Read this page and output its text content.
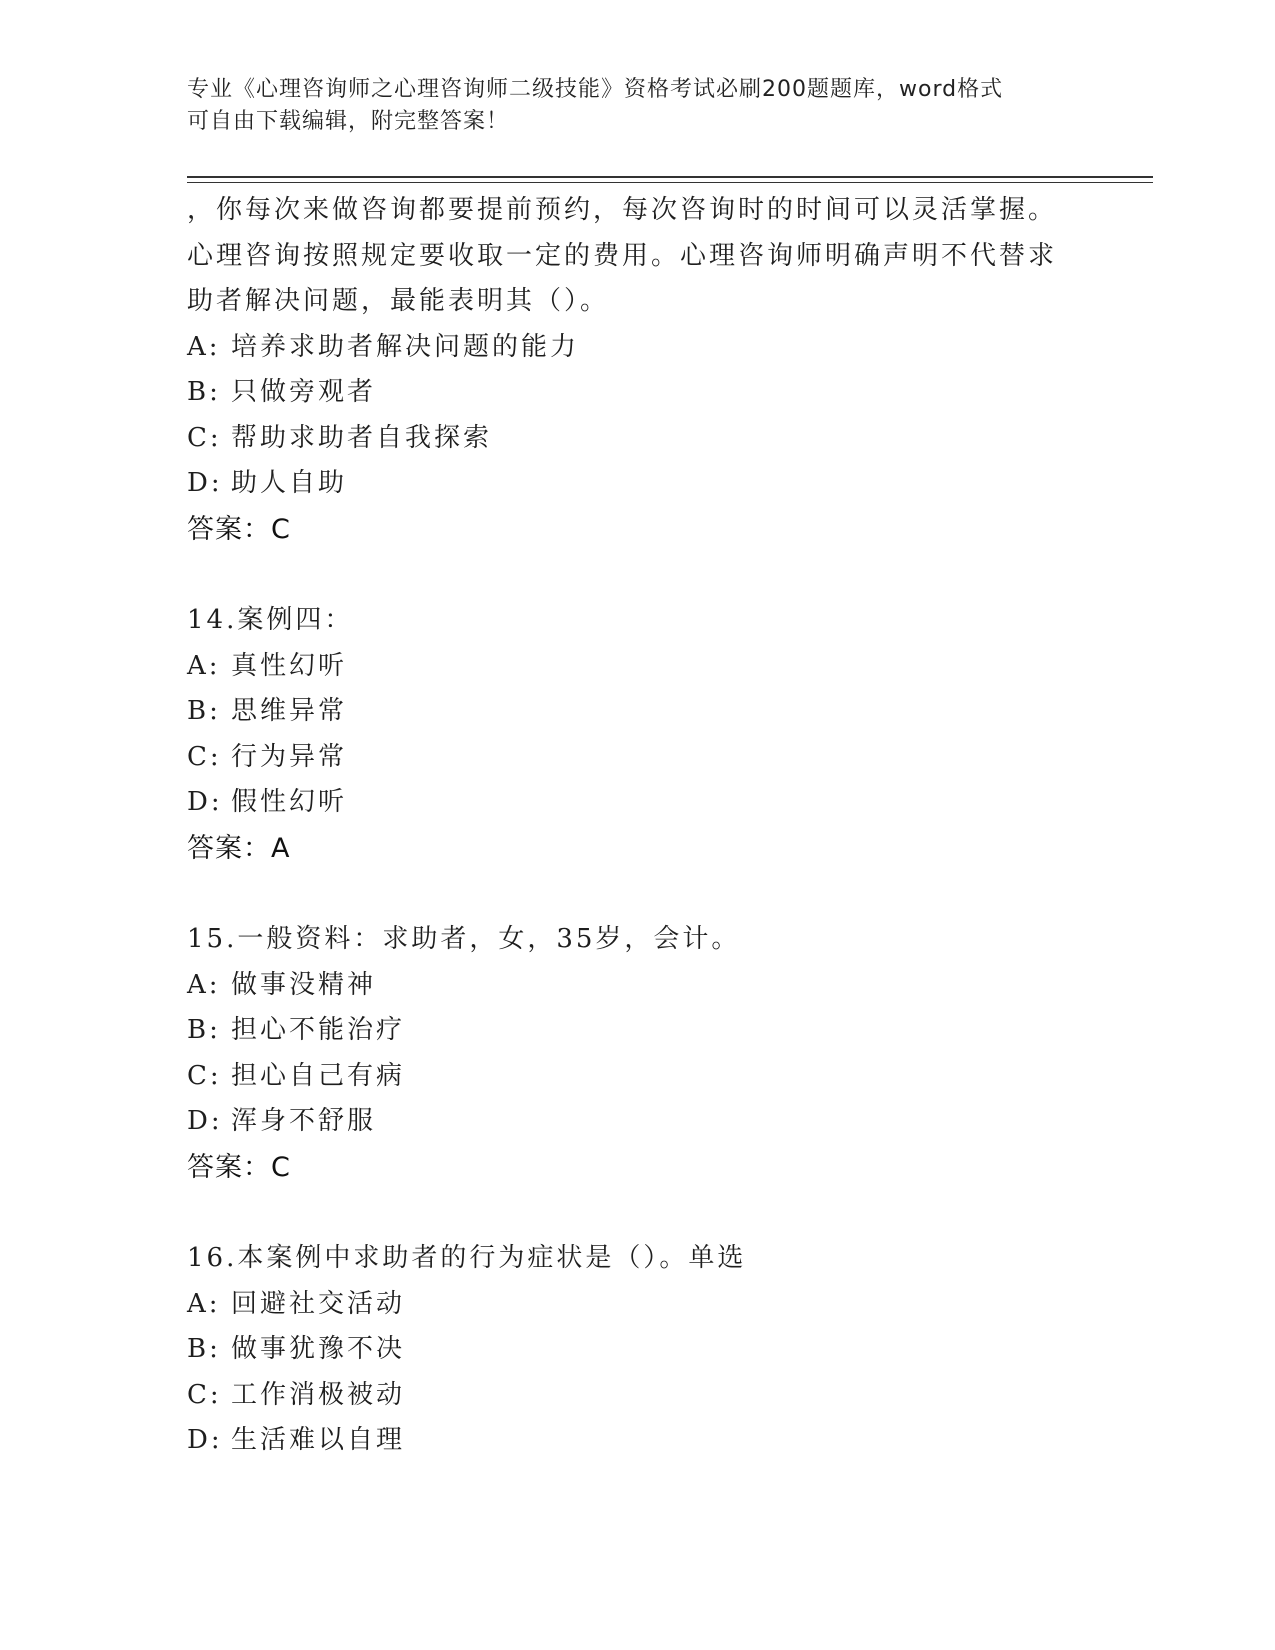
专业《心理咨询师之心理咨询师二级技能》资格考试必刷200题题库，word格式
可自由下载编辑，附完整答案！
，你每次来做咨询都要提前预约，每次咨询时的时间可以灵活掌握。
心理咨询按照规定要收取一定的费用。心理咨询师明确声明不代替求
助者解决问题，最能表明其（）。
A: 培养求助者解决问题的能力
B: 只做旁观者
C: 帮助求助者自我探索
D: 助人自助
答案：C
14.案例四：
A: 真性幻听
B: 思维异常
C: 行为异常
D: 假性幻听
答案：A
15.一般资料：求助者，女，35岁，会计。
A: 做事没精神
B: 担心不能治疗
C: 担心自己有病
D: 浑身不舒服
答案：C
16.本案例中求助者的行为症状是（）。单选
A: 回避社交活动
B: 做事犹豫不决
C: 工作消极被动
D: 生活难以自理
